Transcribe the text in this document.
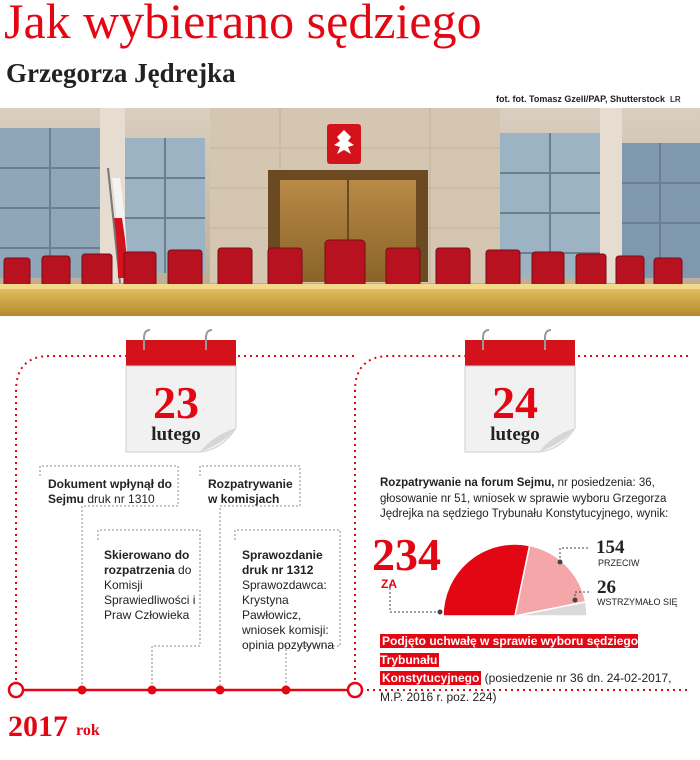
Jak wybierano sędziego
Grzegorza Jędrejka
fot. fot. Tomasz Gzell/PAP, Shutterstock LR
23
lutego
24
lutego
Dokument wpłynął do Sejmu druk nr 1310
Skierowano do rozpatrzenia do Komisji Sprawiedliwości i Praw Człowieka
Rozpatrywanie w komisjach
Sprawozdanie druk nr 1312 Sprawozdawca: Krystyna Pawłowicz, wniosek komisji: opinia pozytywna
Rozpatrywanie na forum Sejmu, nr posiedzenia: 36, głosowanie nr 51, wniosek w sprawie wyboru Grzegorza Jędrejka na sędziego Trybunału Konstytucyjnego, wynik:
234
ZA
154
PRZECIW
26
WSTRZYMAŁO SIĘ
Podjęto uchwałę w sprawie wyboru sędziego Trybunału
Konstytucyjnego (posiedzenie nr 36 dn. 24-02-2017, M.P. 2016 r. poz. 224)
2017 rok
